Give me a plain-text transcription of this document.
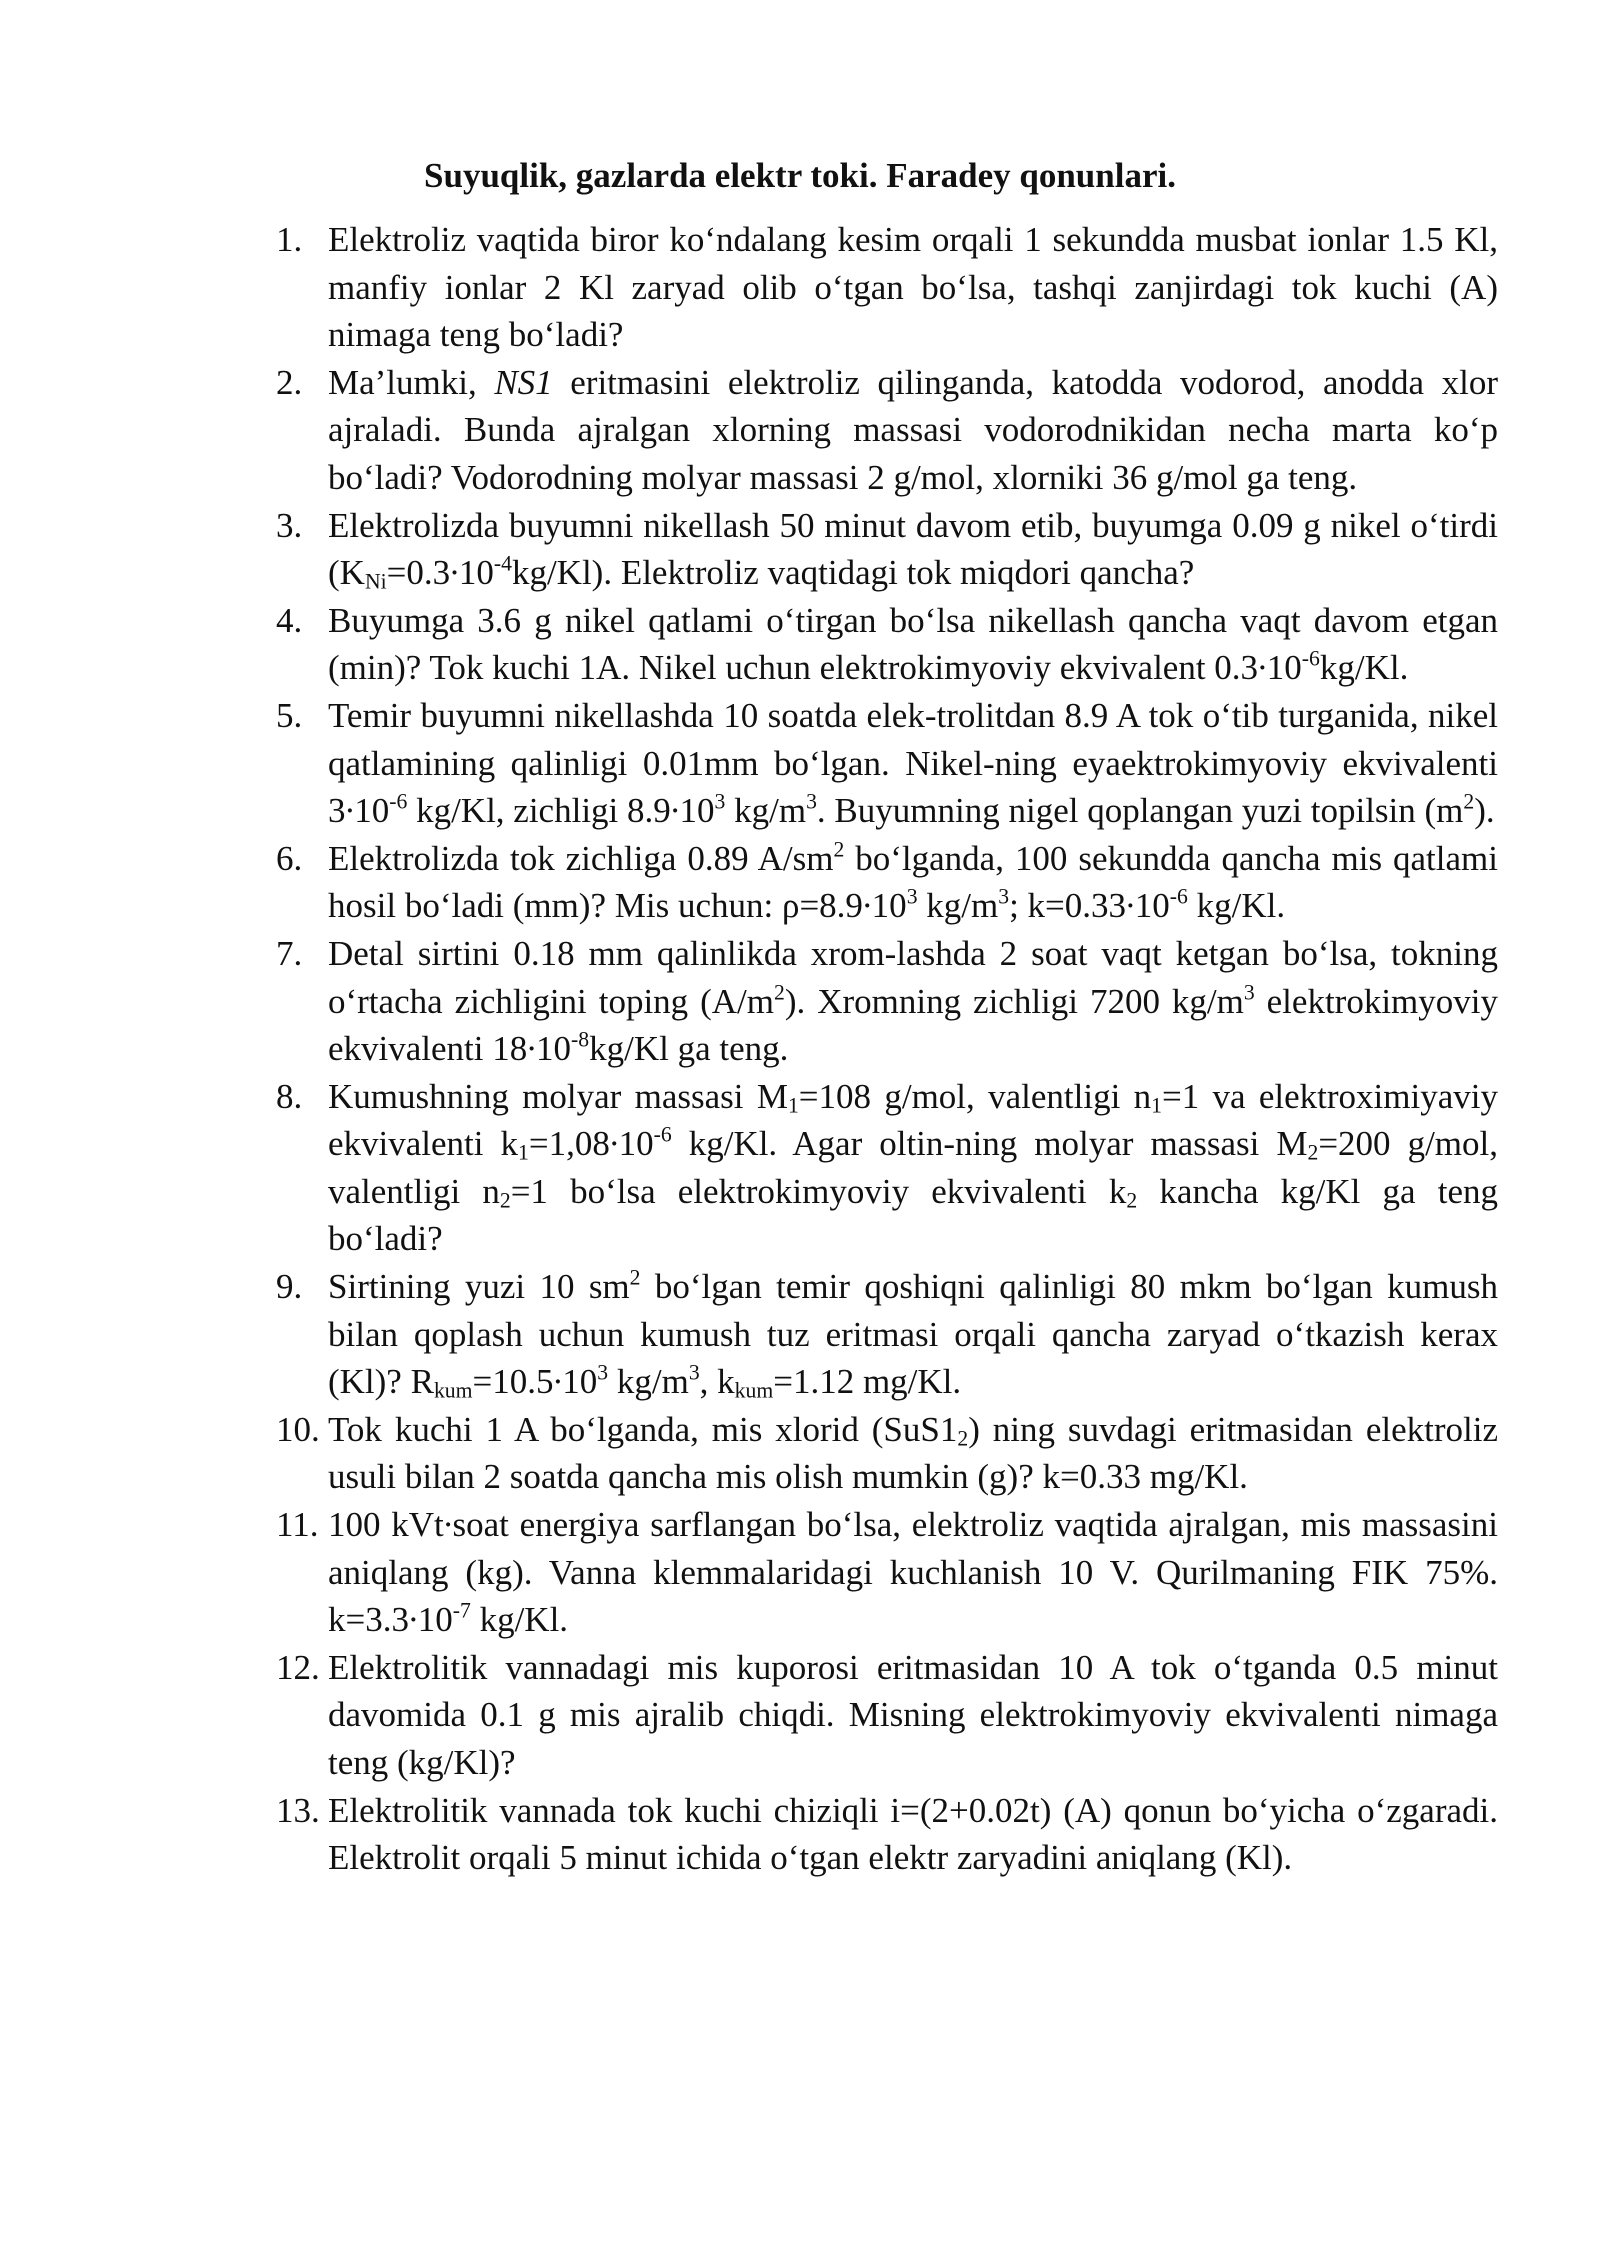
Suyuqlik, gazlarda elektr toki. Faradey qonunlari.
1. Elektroliz vaqtida biror ko‘ndalang kesim orqali 1 sekundda musbat ionlar 1.5 Kl, manfiy ionlar 2 Kl zaryad olib o‘tgan bo‘lsa, tashqi zanjirdagi tok kuchi (A) nimaga teng bo‘ladi?
2. Ma’lumki, NS1 eritmasini elektroliz qilinganda, katodda vodorod, anodda xlor ajraladi. Bunda ajralgan xlorning massasi vodorodnikidan necha marta ko‘p bo‘ladi? Vodorodning molyar massasi 2 g/mol, xlorniki 36 g/mol ga teng.
3. Elektrolizda buyumni nikellash 50 minut davom etib, buyumga 0.09 g nikel o‘tirdi $(K_{Ni}=0.3\cdot 10^{-4}kg/Kl)$. Elektroliz vaqtidagi tok miqdori qancha?
4. Buyumga 3.6 g nikel qatlami o‘tirgan bo‘lsa nikellash qancha vaqt davom etgan (min)? Tok kuchi 1A. Nikel uchun elektrokimyoviy ekvivalent $0.3\cdot 10^{-6}kg/Kl$.
5. Temir buyumni nikellashda 10 soatda elek-trolitdan 8.9 A tok o‘tib turganida, nikel qatlamining qalinligi 0.01mm bo‘lgan. Nikel-ning eyaektrokimyoviy ekvivalenti $3\cdot 10^{-6}$ kg/Kl, zichligi $8.9\cdot 10^3$ $kg/m^3$. Buyumning nigel qoplangan yuzi topilsin $(m^2)$.
6. Elektrolizda tok zichliga 0.89 $A/sm^2$ bo‘lganda, 100 sekundda qancha mis qatlami hosil bo‘ladi (mm)? Mis uchun: $\rho=8.9\cdot 10^3$ $kg/m^3$; $k=0.33\cdot 10^{-6}$ kg/Kl.
7. Detal sirtini 0.18 mm qalinlikda xrom-lashda 2 soat vaqt ketgan bo‘lsa, tokning o‘rtacha zichligini toping $(A/m^2)$. Xromning zichligi 7200 $kg/m^3$ elektrokimyoviy ekvivalenti $18\cdot 10^{-8}kg/Kl$ ga teng.
8. Kumushning molyar massasi $M_1=108$ g/mol, valentligi $n_1=1$ va elektroximiyaviy ekvivalenti $k_1=1,08\cdot 10^{-6}$ kg/Kl. Agar oltin-ning molyar massasi $M_2=200$ g/mol, valentligi $n_2=1$ bo‘lsa elektrokimyoviy ekvivalenti $k_2$ kancha kg/Kl ga teng bo‘ladi?
9. Sirtining yuzi 10 $sm^2$ bo‘lgan temir qoshiqni qalinligi 80 mkm bo‘lgan kumush bilan qoplash uchun kumush tuz eritmasi orqali qancha zaryad o‘tkazish kerax (Kl)? $R_{kum}=10.5\cdot 10^3$ $kg/m^3$, $k_{kum}=1.12$ mg/Kl.
10. Tok kuchi 1 A bo‘lganda, mis xlorid $(SuS1_2)$ ning suvdagi eritmasidan elektroliz usuli bilan 2 soatda qancha mis olish mumkin (g)? k=0.33 mg/Kl.
11. 100 kVt∙soat energiya sarflangan bo‘lsa, elektroliz vaqtida ajralgan, mis massasini aniqlang (kg). Vanna klemmalaridagi kuchlanish 10 V. Qurilmaning FIK 75%. $k=3.3\cdot 10^{-7}$ kg/Kl.
12. Elektrolitik vannadagi mis kuporosi eritmasidan 10 A tok o‘tganda 0.5 minut davomida 0.1 g mis ajralib chiqdi. Misning elektrokimyoviy ekvivalenti nimaga teng (kg/Kl)?
13. Elektrolitik vannada tok kuchi chiziqli i=(2+0.02t) (A) qonun bo‘yicha o‘zgaradi. Elektrolit orqali 5 minut ichida o‘tgan elektr zaryadini aniqlang (Kl).
